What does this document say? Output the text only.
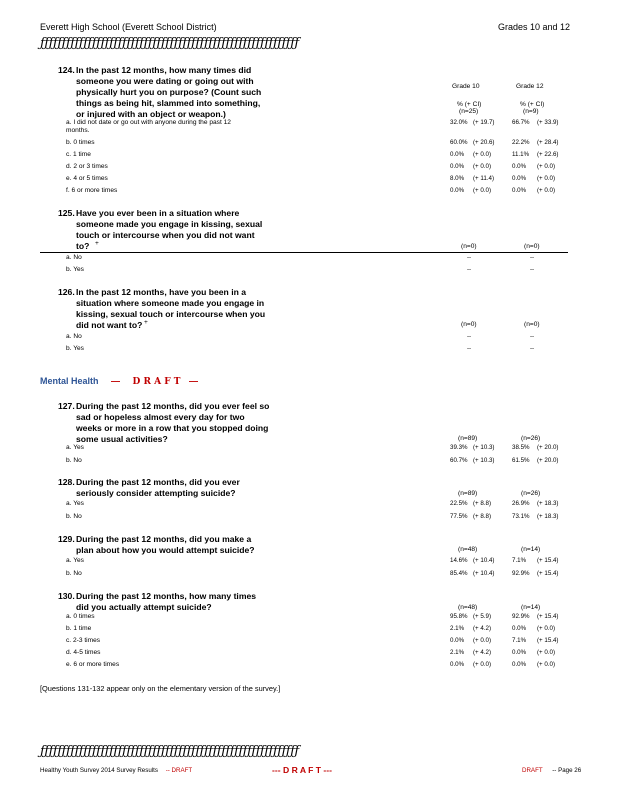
Everett High School (Everett School District)	Grades 10 and 12
ƒƒƒƒƒƒƒƒƒƒƒƒƒƒƒƒƒƒƒƒƒƒƒƒƒƒƒƒƒƒƒƒƒƒƒƒƒƒƒƒƒƒƒƒƒƒƒƒƒƒƒƒƒƒƒƒƒƒƒƒ
124. In the past 12 months, how many times did
someone you were dating or going out with
physically hurt you on purpose? (Count such
things as being hit, slammed into something,
or injured with an object or weapon.)
Grade 10	Grade 12
% (+ CI)	% (+ CI)
(n=25)	(n=9)
a. I did not date or go out with anyone during the past 12
months.
32.0% (+ 19.7)	66.7% (+ 33.9)
b. 0 times	60.0% (+ 20.6)	22.2% (+ 28.4)
c. 1 time	0.0% (+ 0.0)	11.1% (+ 22.6)
d. 2 or 3 times	0.0% (+ 0.0)	0.0% (+ 0.0)
e. 4 or 5 times	8.0% (+ 11.4)	0.0% (+ 0.0)
f. 6 or more times	0.0% (+ 0.0)	0.0% (+ 0.0)
125. Have you ever been in a situation where
someone made you engage in kissing, sexual
touch or intercourse when you did not want
to? +	(n=0)	(n=0)
a. No	--	--
b. Yes	--	--
126. In the past 12 months, have you been in a
situation where someone made you engage in
kissing, sexual touch or intercourse when you
did not want to? +	(n=0)	(n=0)
a. No	--	--
b. Yes	--	--
Mental Health — D R A F T —
127. During the past 12 months, did you ever feel so
sad or hopeless almost every day for two
weeks or more in a row that you stopped doing
some usual activities?	(n=89)	(n=26)
a. Yes	39.3% (+ 10.3)	38.5% (+ 20.0)
b. No	60.7% (+ 10.3)	61.5% (+ 20.0)
128. During the past 12 months, did you ever
seriously consider attempting suicide?	(n=89)	(n=26)
a. Yes	22.5% (+ 8.8)	26.9% (+ 18.3)
b. No	77.5% (+ 8.8)	73.1% (+ 18.3)
129. During the past 12 months, did you make a
plan about how you would attempt suicide?	(n=48)	(n=14)
a. Yes	14.6% (+ 10.4)	7.1% (+ 15.4)
b. No	85.4% (+ 10.4)	92.9% (+ 15.4)
130. During the past 12 months, how many times
did you actually attempt suicide?	(n=48)	(n=14)
a. 0 times	95.8% (+ 5.9)	92.9% (+ 15.4)
b. 1 time	2.1% (+ 4.2)	0.0% (+ 0.0)
c. 2-3 times	0.0% (+ 0.0)	7.1% (+ 15.4)
d. 4-5 times	2.1% (+ 4.2)	0.0% (+ 0.0)
e. 6 or more times	0.0% (+ 0.0)	0.0% (+ 0.0)
[Questions 131-132 appear only on the elementary version of the survey.]
ƒƒƒƒƒƒƒƒƒƒƒƒƒƒƒƒƒƒƒƒƒƒƒƒƒƒƒƒƒƒƒƒƒƒƒƒƒƒƒƒƒƒƒƒƒƒƒƒƒƒƒƒƒƒƒƒƒƒƒƒ
Healthy Youth Survey 2014 Survey Results -- DRAFT	--- D R A F T ---	DRAFT -- Page 26
